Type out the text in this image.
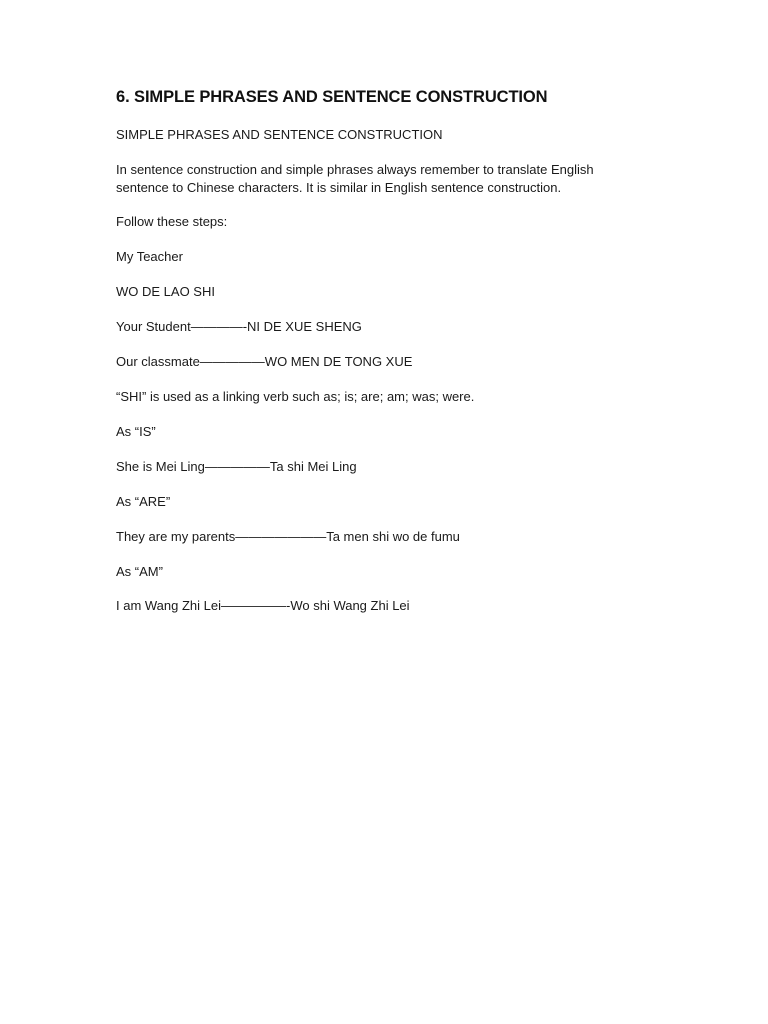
6. SIMPLE PHRASES AND SENTENCE CONSTRUCTION

SIMPLE PHRASES AND SENTENCE CONSTRUCTION

In sentence construction and simple phrases always remember to translate English sentence to Chinese characters. It is similar in English sentence construction.

Follow these steps:

My Teacher

WO DE LAO SHI

Your Student————-NI DE XUE SHENG

Our classmate—————WO MEN DE TONG XUE

“SHI” is used as a linking verb such as; is; are; am; was; were.

As “IS”

She is Mei Ling—————Ta shi Mei Ling

As “ARE”

They are my parents———————Ta men shi wo de fumu

As “AM”

I am Wang Zhi Lei—————-Wo shi Wang Zhi Lei
